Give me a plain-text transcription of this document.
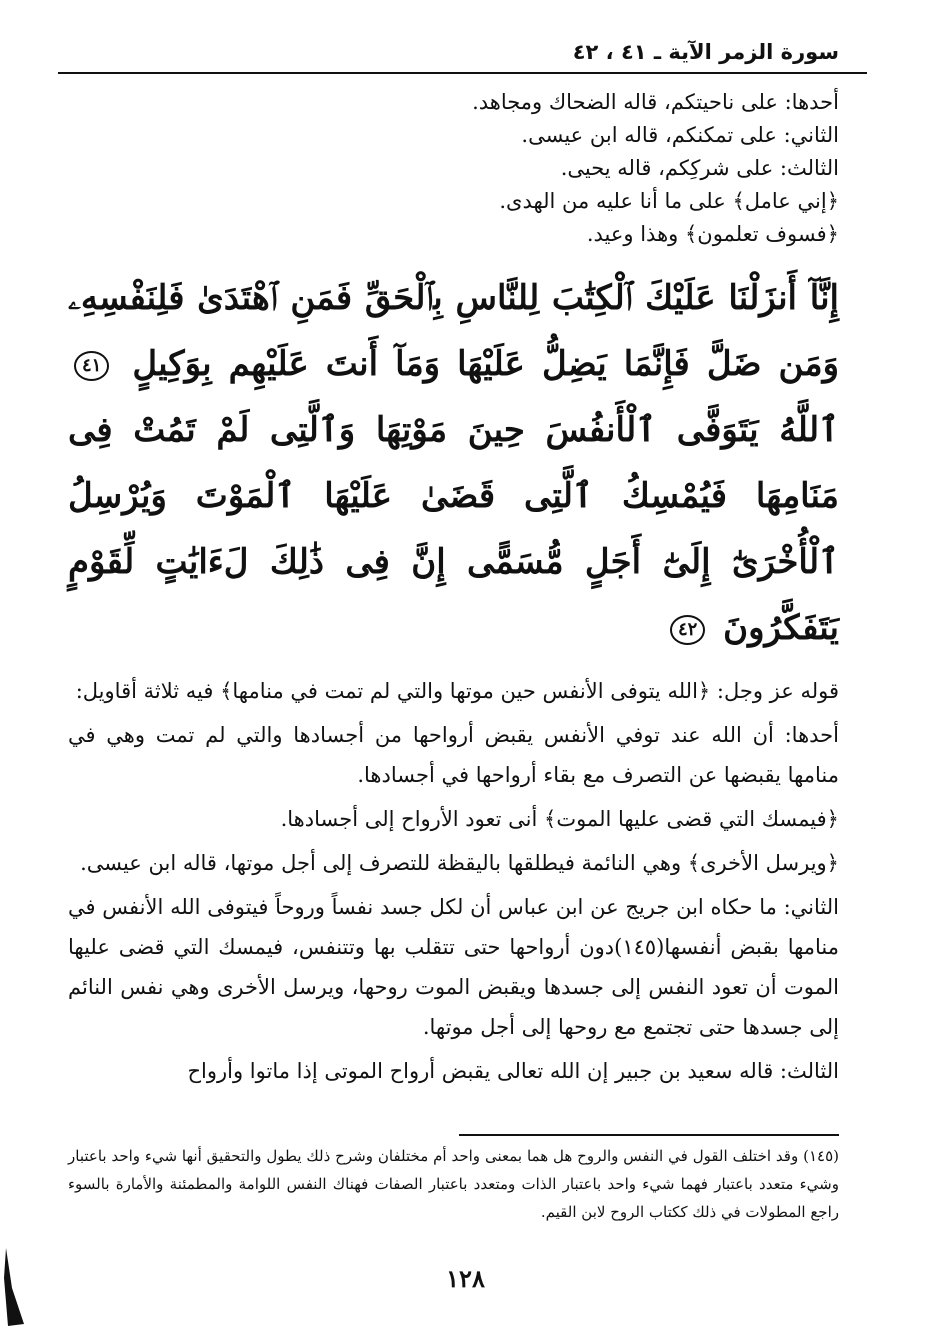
سورة الزمر الآية ـ ٤١ ، ٤٢
أحدها: على ناحيتكم، قاله الضحاك ومجاهد.
الثاني: على تمكنكم، قاله ابن عيسى.
الثالث: على شركِكم، قاله يحيى.
﴿إني عامل﴾ على ما أنا عليه من الهدى.
﴿فسوف تعلمون﴾ وهذا وعيد.
إِنَّآ أَنزَلْنَا عَلَيْكَ ٱلْكِتَٰبَ لِلنَّاسِ بِٱلْحَقِّ فَمَنِ ٱهْتَدَىٰ فَلِنَفْسِهِۦ وَمَن ضَلَّ فَإِنَّمَا يَضِلُّ عَلَيْهَا وَمَآ أَنتَ عَلَيْهِم بِوَكِيلٍ ٤١ ٱللَّهُ يَتَوَفَّى ٱلْأَنفُسَ حِينَ مَوْتِهَا وَٱلَّتِى لَمْ تَمُتْ فِى مَنَامِهَا فَيُمْسِكُ ٱلَّتِى قَضَىٰ عَلَيْهَا ٱلْمَوْتَ وَيُرْسِلُ ٱلْأُخْرَىٰٓ إِلَىٰٓ أَجَلٍ مُّسَمًّى إِنَّ فِى ذَٰلِكَ لَءَايَٰتٍ لِّقَوْمٍ يَتَفَكَّرُونَ ٤٢
قوله عز وجل: ﴿الله يتوفى الأنفس حين موتها والتي لم تمت في منامها﴾ فيه ثلاثة أقاويل:
أحدها: أن الله عند توفي الأنفس يقبض أرواحها من أجسادها والتي لم تمت وهي في منامها يقبضها عن التصرف مع بقاء أرواحها في أجسادها.
﴿فيمسك التي قضى عليها الموت﴾ أنى تعود الأرواح إلى أجسادها.
﴿ويرسل الأخرى﴾ وهي النائمة فيطلقها باليقظة للتصرف إلى أجل موتها، قاله ابن عيسى.
الثاني: ما حكاه ابن جريج عن ابن عباس أن لكل جسد نفساً وروحاً فيتوفى الله الأنفس في منامها بقبض أنفسها(١٤٥)دون أرواحها حتى تتقلب بها وتتنفس، فيمسك التي قضى عليها الموت أن تعود النفس إلى جسدها ويقبض الموت روحها، ويرسل الأخرى وهي نفس النائم إلى جسدها حتى تجتمع مع روحها إلى أجل موتها.
الثالث: قاله سعيد بن جبير إن الله تعالى يقبض أرواح الموتى إذا ماتوا وأرواح
(١٤٥) وقد اختلف القول في النفس والروح هل هما بمعنى واحد أم مختلفان وشرح ذلك يطول والتحقيق أنها شيء واحد باعتبار وشيء متعدد باعتبار فهما شيء واحد باعتبار الذات ومتعدد باعتبار الصفات فهناك النفس اللوامة والمطمئنة والأمارة بالسوء راجع المطولات في ذلك ككتاب الروح لابن القيم.
١٢٨
